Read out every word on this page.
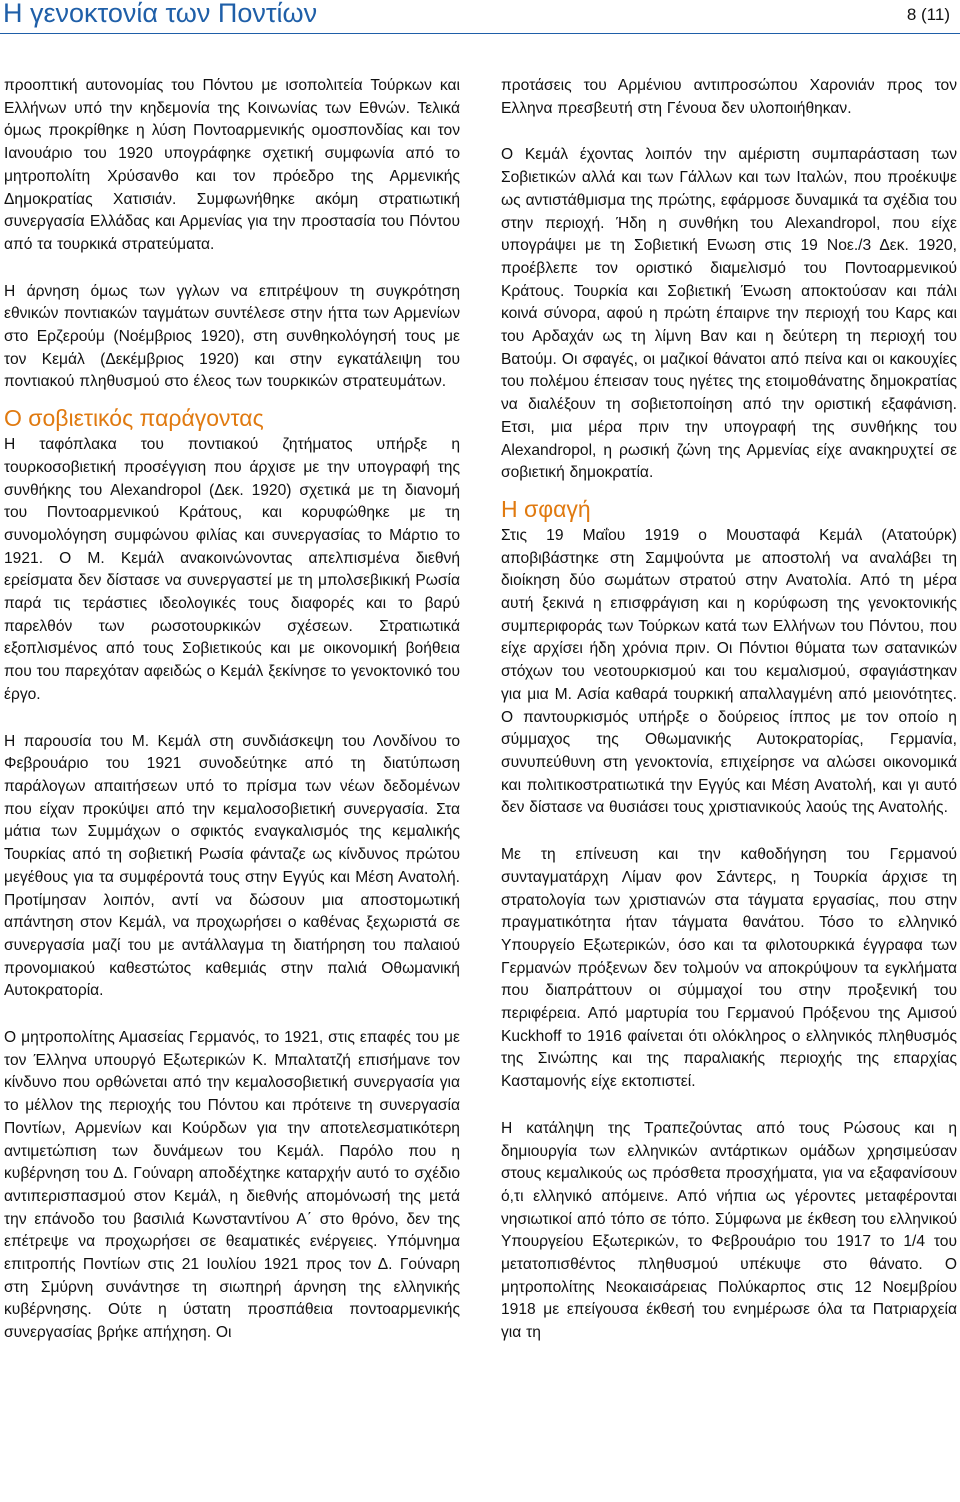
Η γενοκτονία των Ποντίων	8 (11)

προοπτική αυτονομίας του Πόντου με ισοπολιτεία Τούρκων και Ελλήνων υπό την κηδεμονία της Κοινωνίας των Εθνών. Τελικά όμως προκρίθηκε η λύση Ποντοαρμενικής ομοσπονδίας και τον Ιανουάριο του 1920 υπογράφηκε σχετική συμφωνία από το μητροπολίτη Χρύσανθο και τον πρόεδρο της Αρμενικής Δημοκρατίας Χατισιάν. Συμφωνήθηκε ακόμη στρατιωτική συνεργασία Ελλάδας και Αρμενίας για την προστασία του Πόντου από τα τουρκικά στρατεύματα.

Η άρνηση όμως των γγλων να επιτρέψουν τη συγκρότηση εθνικών ποντιακών ταγμάτων συντέλεσε στην ήττα των Αρμενίων στο Ερζερούμ (Νοέμβριος 1920), στη συνθηκολόγησή τους με τον Κεμάλ (Δεκέμβριος 1920) και στην εγκατάλειψη του ποντιακού πληθυσμού στο έλεος των τουρκικών στρατευμάτων.

Ο σοβιετικός παράγοντας

Η ταφόπλακα του ποντιακού ζητήματος υπήρξε η τουρκοσοβιετική προσέγγιση που άρχισε με την υπογραφή της συνθήκης του Alexandropol (Δεκ. 1920) σχετικά με τη διανομή του Ποντοαρμενικού Κράτους, και κορυφώθηκε με τη συνομολόγηση συμφώνου φιλίας και συνεργασίας το Μάρτιο το 1921. Ο Μ. Κεμάλ ανακοινώνοντας απελπισμένα διεθνή ερείσματα δεν δίστασε να συνεργαστεί με τη μπολσεβικική Ρωσία παρά τις τεράστιες ιδεολογικές τους διαφορές και το βαρύ παρελθόν των ρωσοτουρκικών σχέσεων. Στρατιωτικά εξοπλισμένος από τους Σοβιετικούς και με οικονομική βοήθεια που του παρεχόταν αφειδώς ο Κεμάλ ξεκίνησε το γενοκτονικό του έργο.

Η παρουσία του Μ. Κεμάλ στη συνδιάσκεψη του Λονδίνου το Φεβρουάριο του 1921 συνοδεύτηκε από τη διατύπωση παράλογων απαιτήσεων υπό το πρίσμα των νέων δεδομένων που είχαν προκύψει από την κεμαλοσοβιετική συνεργασία. Στα μάτια των Συμμάχων ο σφικτός εναγκαλισμός της κεμαλικής Τουρκίας από τη σοβιετική Ρωσία φάνταζε ως κίνδυνος πρώτου μεγέθους για τα συμφέροντά τους στην Εγγύς και Μέση Ανατολή. Προτίμησαν λοιπόν, αντί να δώσουν μια αποστομωτική απάντηση στον Κεμάλ, να προχωρήσει ο καθένας ξεχωριστά σε συνεργασία μαζί του με αντάλλαγμα τη διατήρηση του παλαιού προνομιακού καθεστώτος καθεμιάς στην παλιά Οθωμανική Αυτοκρατορία.

Ο μητροπολίτης Αμασείας Γερμανός, το 1921, στις επαφές του με τον Έλληνα υπουργό Εξωτερικών Κ. Μπαλτατζή επισήμανε τον κίνδυνο που ορθώνεται από την κεμαλοσοβιετική συνεργασία για το μέλλον της περιοχής του Πόντου και πρότεινε τη συνεργασία Ποντίων, Αρμενίων και Κούρδων για την αποτελεσματικότερη αντιμετώπιση των δυνάμεων του Κεμάλ. Παρόλο που η κυβέρνηση του Δ. Γούναρη αποδέχτηκε καταρχήν αυτό το σχέδιο αντιπερισπασμού στον Κεμάλ, η διεθνής απομόνωσή της μετά την επάνοδο του βασιλιά Κωνσταντίνου Α΄ στο θρόνο, δεν της επέτρεψε να προχωρήσει σε θεαματικές ενέργειες. Υπόμνημα επιτροπής Ποντίων στις 21 Ιουλίου 1921 προς τον Δ. Γούναρη στη Σμύρνη συνάντησε τη σιωπηρή άρνηση της ελληνικής κυβέρνησης. Ούτε η ύστατη προσπάθεια ποντοαρμενικής συνεργασίας βρήκε απήχηση. Οι

προτάσεις του Αρμένιου αντιπροσώπου Χαρονιάν προς τον Ελληνα πρεσβευτή στη Γένουα δεν υλοποιήθηκαν.

Ο Κεμάλ έχοντας λοιπόν την αμέριστη συμπαράσταση των Σοβιετικών αλλά και των Γάλλων και των Ιταλών, που προέκυψε ως αντιστάθμισμα της πρώτης, εφάρμοσε δυναμικά τα σχέδια του στην περιοχή. Ήδη η συνθήκη του Alexandropol, που είχε υπογράψει με τη Σοβιετική Ενωση στις 19 Νοε./3 Δεκ. 1920, προέβλεπε τον οριστικό διαμελισμό του Ποντοαρμενικού Κράτους. Τουρκία και Σοβιετική Ένωση αποκτούσαν και πάλι κοινά σύνορα, αφού η πρώτη έπαιρνε την περιοχή του Καρς και του Αρδαχάν ως τη λίμνη Βαν και η δεύτερη τη περιοχή του Βατούμ. Οι σφαγές, οι μαζικοί θάνατοι από πείνα και οι κακουχίες του πολέμου έπεισαν τους ηγέτες της ετοιμοθάνατης δημοκρατίας να διαλέξουν τη σοβιετοποίηση από την οριστική εξαφάνιση. Ετσι, μια μέρα πριν την υπογραφή της συνθήκης του Alexandropol, η ρωσική ζώνη της Αρμενίας είχε ανακηρυχτεί σε σοβιετική δημοκρατία.

Η σφαγή

Στις 19 Μαΐου 1919 ο Μουσταφά Κεμάλ (Ατατούρκ) αποβιβάστηκε στη Σαμψούντα με αποστολή να αναλάβει τη διοίκηση δύο σωμάτων στρατού στην Ανατολία. Από τη μέρα αυτή ξεκινά η επισφράγιση και η κορύφωση της γενοκτονικής συμπεριφοράς των Τούρκων κατά των Ελλήνων του Πόντου, που είχε αρχίσει ήδη χρόνια πριν. Οι Πόντιοι θύματα των σατανικών στόχων του νεοτουρκισμού και του κεμαλισμού, σφαγιάστηκαν για μια Μ. Ασία καθαρά τουρκική απαλλαγμένη από μειονότητες. Ο παντουρκισμός υπήρξε ο δούρειος ίππος με τον οποίο η σύμμαχος της Οθωμανικής Αυτοκρατορίας, Γερμανία, συνυπεύθυνη στη γενοκτονία, επιχείρησε να αλώσει οικονομικά και πολιτικοστρατιωτικά την Εγγύς και Μέση Ανατολή, και γι αυτό δεν δίστασε να θυσιάσει τους χριστιανικούς λαούς της Ανατολής.

Με τη επίνευση και την καθοδήγηση του Γερμανού συνταγματάρχη Λίμαν φον Σάντερς, η Τουρκία άρχισε τη στρατολογία των χριστιανών στα τάγματα εργασίας, που στην πραγματικότητα ήταν τάγματα θανάτου. Τόσο το ελληνικό Υπουργείο Εξωτερικών, όσο και τα φιλοτουρκικά έγγραφα των Γερμανών πρόξενων δεν τολμούν να αποκρύψουν τα εγκλήματα που διαπράττουν οι σύμμαχοί του στην προξενική του περιφέρεια. Από μαρτυρία του Γερμανού Πρόξενου της Αμισού Kuckhoff το 1916 φαίνεται ότι ολόκληρος ο ελληνικός πληθυσμός της Σινώπης και της παραλιακής περιοχής της επαρχίας Κασταμονής είχε εκτοπιστεί.

Η κατάληψη της Τραπεζούντας από τους Ρώσους και η δημιουργία των ελληνικών αντάρτικων ομάδων χρησιμεύσαν στους κεμαλικούς ως πρόσθετα προσχήματα, για να εξαφανίσουν ό,τι ελληνικό απόμεινε. Από νήπια ως γέροντες μεταφέρονται νησιωτικοί από τόπο σε τόπο. Σύμφωνα με έκθεση του ελληνικού Υπουργείου Εξωτερικών, το Φεβρουάριο του 1917 το 1/4 του μετατοπισθέντος πληθυσμού υπέκυψε στο θάνατο. Ο μητροπολίτης Νεοκαισάρειας Πολύκαρπος στις 12 Νοεμβρίου 1918 με επείγουσα έκθεσή του ενημέρωσε όλα τα Πατριαρχεία για τη
